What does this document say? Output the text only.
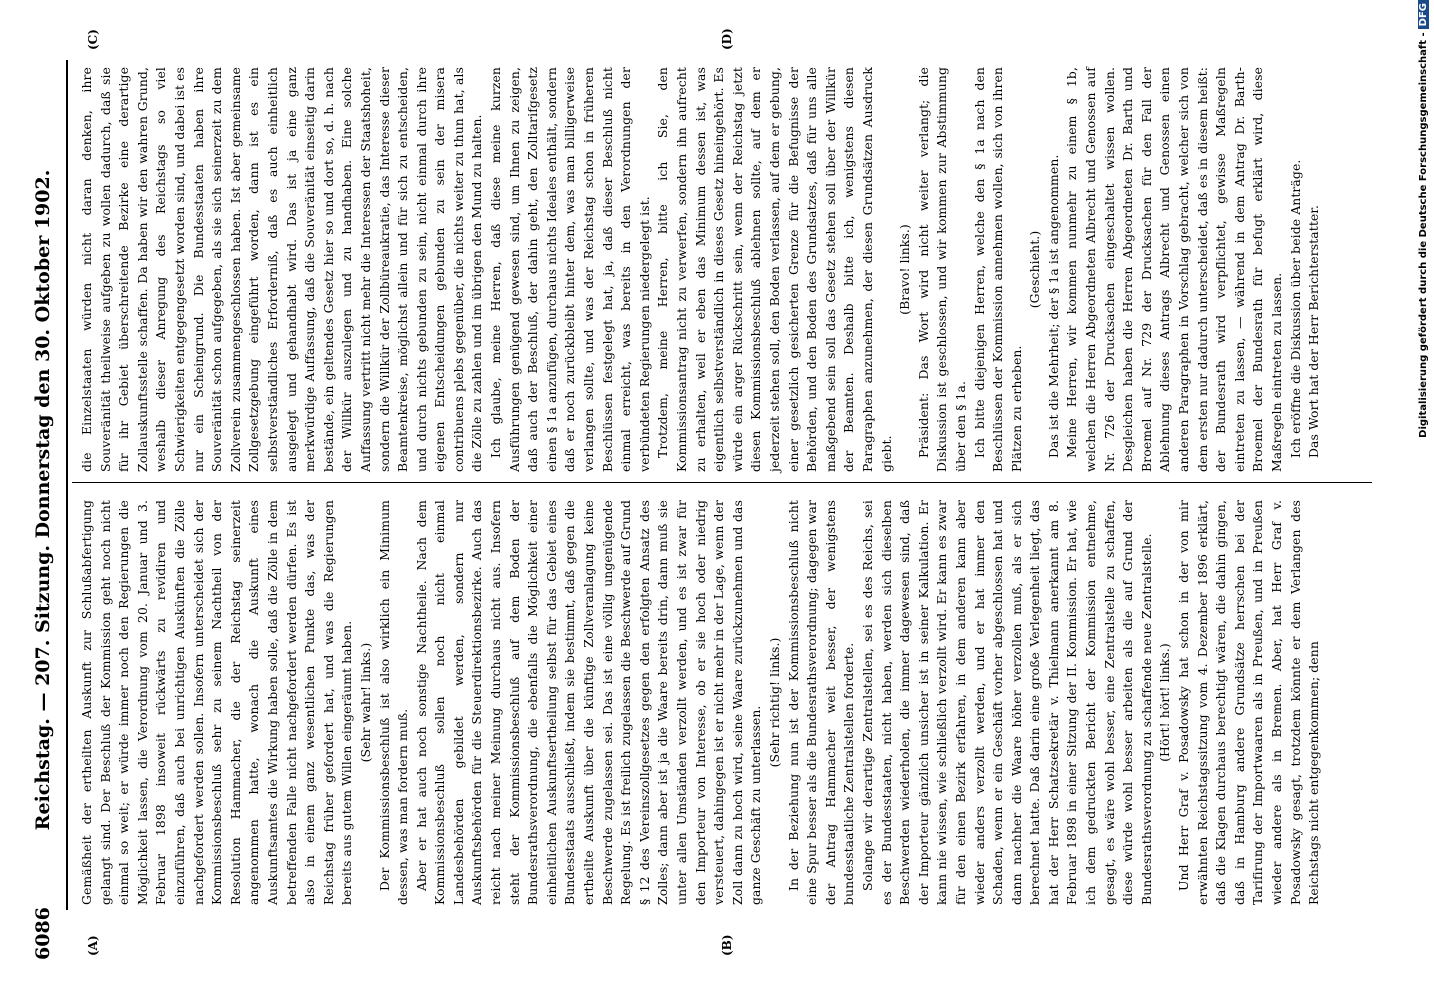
6086
Reichstag. — 207. Sitzung. Donnerstag den 30. Oktober 1902.
(A)	(B)
(C)	(D)

Gemäßheit der ertheilten Auskunft zur Schlußabfertigung gelangt sind. Der Beschluß der Kommission geht noch nicht einmal so weit; er würde immer noch den Regierungen die Möglichkeit lassen, die Verordnung vom 20. Januar und 3. Februar 1898 insoweit rückwärts zu revidiren und einzuführen, daß auch bei unrichtigen Auskünften die Zölle nachgefordert werden sollen. Insofern unterscheidet sich der Kommissionsbeschluß sehr zu seinem Nachtheil von der Resolution Hammacher, die der Reichstag seinerzeit angenommen hatte, wonach die Auskunft eines Auskunftsamtes die Wirkung haben solle, daß die Zölle in dem betreffenden Falle nicht nachgefordert werden dürfen. Es ist also in einem ganz wesentlichen Punkte das, was der Reichstag früher gefordert hat, und was die Regierungen bereits aus gutem Willen eingeräumt haben. (Sehr wahr! links.) Der Kommissionsbeschluß ist also wirklich ein Minimum dessen, was man fordern muß. Aber er hat auch noch sonstige Nachtheile. Nach dem Kommissionsbeschluß sollen noch nicht einmal Landesbehörden gebildet werden, sondern nur Auskunftsbehörden für die Steuerdirektionsbezirke. Auch das reicht nach meiner Meinung durchaus nicht aus. Insofern steht der Kommissionsbeschluß auf dem Boden der Bundesrathsverordnung, die ebenfalls die Möglichkeit einer einheitlichen Auskunftsertheilung selbst für das Gebiet eines Bundesstaats ausschließt, indem sie bestimmt, daß gegen die ertheilte Auskunft über die künftige Zollveranlagung keine Beschwerde zugelassen sei. Das ist eine völlig ungenügende Regelung. Es ist freilich zugelassen die Beschwerde auf Grund § 12 des Vereinszollgesetzes gegen den erfolgten Ansatz des Zolles; dann aber ist ja die Waare bereits drin, dann muß sie unter allen Umständen verzollt werden, und es ist zwar für den Importeur von Interesse, ob er sie hoch oder niedrig versteuert, dahingegen ist er nicht mehr in der Lage, wenn der Zoll dann zu hoch wird, seine Waare zurückzunehmen und das ganze Geschäft zu unterlassen.

(Sehr richtig! links.) In der Beziehung nun ist der Kommissionsbeschluß nicht eine Spur besser als die Bundesrathsverordnung; dagegen war der Antrag Hammacher weit besser, der wenigstens bundesstaatliche Zentralstellen forderte. Solange wir derartige Zentralstellen, sei es des Reichs, sei es der Bundesstaaten, nicht haben, werden sich dieselben Beschwerden wiederholen, die immer dagewesen sind, daß der Importeur gänzlich unsicher ist in seiner Kalkulation. Er kann nie wissen, wie schließlich verzollt wird. Er kann es zwar für den einen Bezirk erfahren, in dem anderen kann aber wieder anders verzollt werden, und er hat immer den Schaden, wenn er ein Geschäft vorher abgeschlossen hat und dann nachher die Waare höher verzollen muß, als er sich berechnet hatte. Daß darin eine große Verlegenheit liegt, das hat der Herr Schatzsekretär v. Thielmann anerkannt am 8. Februar 1898 in einer Sitzung der II. Kommission. Er hat, wie ich dem gedruckten Bericht der Kommission entnehme, gesagt, es wäre wohl besser, eine Zentralstelle zu schaffen, diese würde wohl besser arbeiten als die auf Grund der Bundesrathsverordnung zu schaffende neue Zentralstelle. (Hört! hört! links.) Und Herr Graf v. Posadowsky hat schon in der von mir erwähnten Reichstagssitzung vom 4. Dezember 1896 erklärt, daß die Klagen durchaus berechtigt wären, die dahin gingen, daß in Hamburg andere Grundsätze herrschen bei der Tarifirung der Importwaaren als in Preußen, und in Preußen wieder andere als in Bremen. Aber, hat Herr Graf v. Posadowsky gesagt, trotzdem könnte er dem Verlangen des Reichstags nicht entgegenkommen; denn

die Einzelstaaten würden nicht daran denken, ihre Souveränität theilweise aufgeben zu wollen dadurch, daß sie für ihr Gebiet überschreitende Bezirke eine derartige Zollauskunftsstelle schaffen. Da haben wir den wahren Grund, weshalb dieser Anregung des Reichstags so viel Schwierigkeiten entgegengesetzt worden sind, und dabei ist es nur ein Scheingrund. Die Bundesstaaten haben ihre Souveränität schon aufgegeben, als sie sich seinerzeit zu dem Zollverein zusammengeschlossen haben. Ist aber gemeinsame Zollgesetzgebung eingeführt worden, dann ist es ein selbstverständliches Erforderniß, daß es auch einheitlich ausgelegt und gehandhabt wird. Das ist ja eine ganz merkwürdige Auffassung, daß die Souveränität einseitig darin bestände, ein geltendes Gesetz hier so und dort so, d. h. nach der Willkür auszulegen und zu handhaben. Eine solche Auffassung vertritt nicht mehr die Interessen der Staatshoheit, sondern die Willkür der Zollbüreaukratie, das Interesse dieser Beamtenkreise, möglichst allein und für sich zu entscheiden, und durch nichts gebunden zu sein, nicht einmal durch ihre eigenen Entscheidungen gebunden zu sein der misera contribuens plebs gegenüber, die nichts weiter zu thun hat, als die Zölle zu zahlen und im übrigen den Mund zu halten. Ich glaube, meine Herren, daß diese meine kurzen Ausführungen genügend gewesen sind, um Ihnen zu zeigen, daß auch der Beschluß, der dahin geht, den Zolltarifgesetz einen § 1a anzufügen, durchaus nichts Ideales enthält, sondern daß er noch zurückbleibt hinter dem, was man billigerweise verlangen sollte, und was der Reichstag schon in früheren Beschlüssen festgelegt hat, ja, daß dieser Beschluß nicht einmal erreicht, was bereits in den Verordnungen der verbündeten Regierungen niedergelegt ist. Trotzdem, meine Herren, bitte ich Sie, den Kommissionsantrag nicht zu verwerfen, sondern ihn aufrecht zu erhalten, weil er eben das Minimum dessen ist, was eigentlich selbstverständlich in dieses Gesetz hineingehört. Es würde ein arger Rückschritt sein, wenn der Reichstag jetzt diesen Kommissionsbeschluß ablehnen sollte, auf dem er jederzeit stehen soll, den Boden verlassen, auf dem er gebung, einer gesetzlich gesicherten Grenze für die Befugnisse der Behörden, und den Boden des Grundsatzes, daß für uns alle maßgebend sein soll das Gesetz stehen soll über der Willkür der Beamten. Deshalb bitte ich, wenigstens diesen Paragraphen anzunehmen, der diesen Grundsätzen Ausdruck giebt.

(Bravo! links.) Präsident: Das Wort wird nicht weiter verlangt; die Diskussion ist geschlossen, und wir kommen zur Abstimmung über den § 1a. Ich bitte diejenigen Herren, welche den § 1a nach den Beschlüssen der Kommission annehmen wollen, sich von ihren Plätzen zu erheben.

(Geschieht.) Das ist die Mehrheit; der § 1a ist angenommen. Meine Herren, wir kommen nunmehr zu einem § 1b, welchen die Herren Abgeordneten Albrecht und Genossen auf Nr. 726 der Drucksachen eingeschaltet wissen wollen. Desgleichen haben die Herren Abgeordneten Dr. Barth und Broemel auf Nr. 729 der Drucksachen für den Fall der Ablehnung dieses Antrags Albrecht und Genossen einen anderen Paragraphen in Vorschlag gebracht, welcher sich von dem ersten nur dadurch unterscheidet, daß es in diesem heißt: der Bundesrath wird verpflichtet, gewisse Maßregeln eintreten zu lassen, — während in dem Antrag Dr. Barth-Broemel der Bundesrath für befugt erklärt wird, diese Maßregeln eintreten zu lassen. Ich eröffne die Diskussion über beide Anträge. Das Wort hat der Herr Berichterstatter.	Digitalisierung gefördert durch die Deutsche Forschungsgemeinschaft -DFG
